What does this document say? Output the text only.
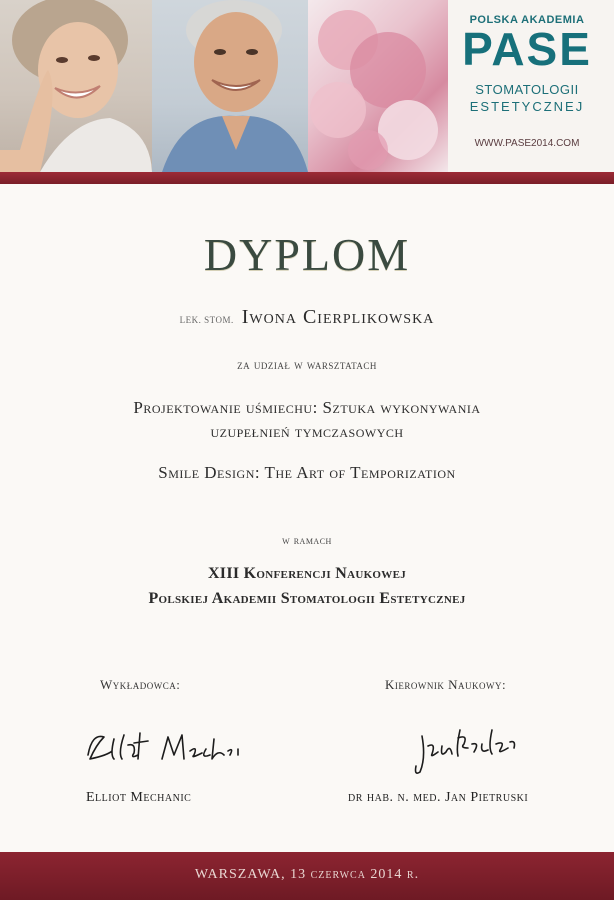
POLSKA AKADEMIA
PASE
STOMATOLOGII
ESTETYCZNEJ
WWW.PASE2014.COM
DYPLOM
LEK. STOM. Iwona Cierplikowska
za udział w warsztatach
Projektowanie uśmiechu: Sztuka wykonywania
uzupełnień tymczasowych
Smile Design: The Art of Temporization
w ramach
XIII Konferencji Naukowej
Polskiej Akademii Stomatologii Estetycznej
Wykładowca:	Kierownik Naukowy:
Elliot Mechanic	dr hab. n. med. Jan Pietruski
WARSZAWA, 13 czerwca 2014 r.
